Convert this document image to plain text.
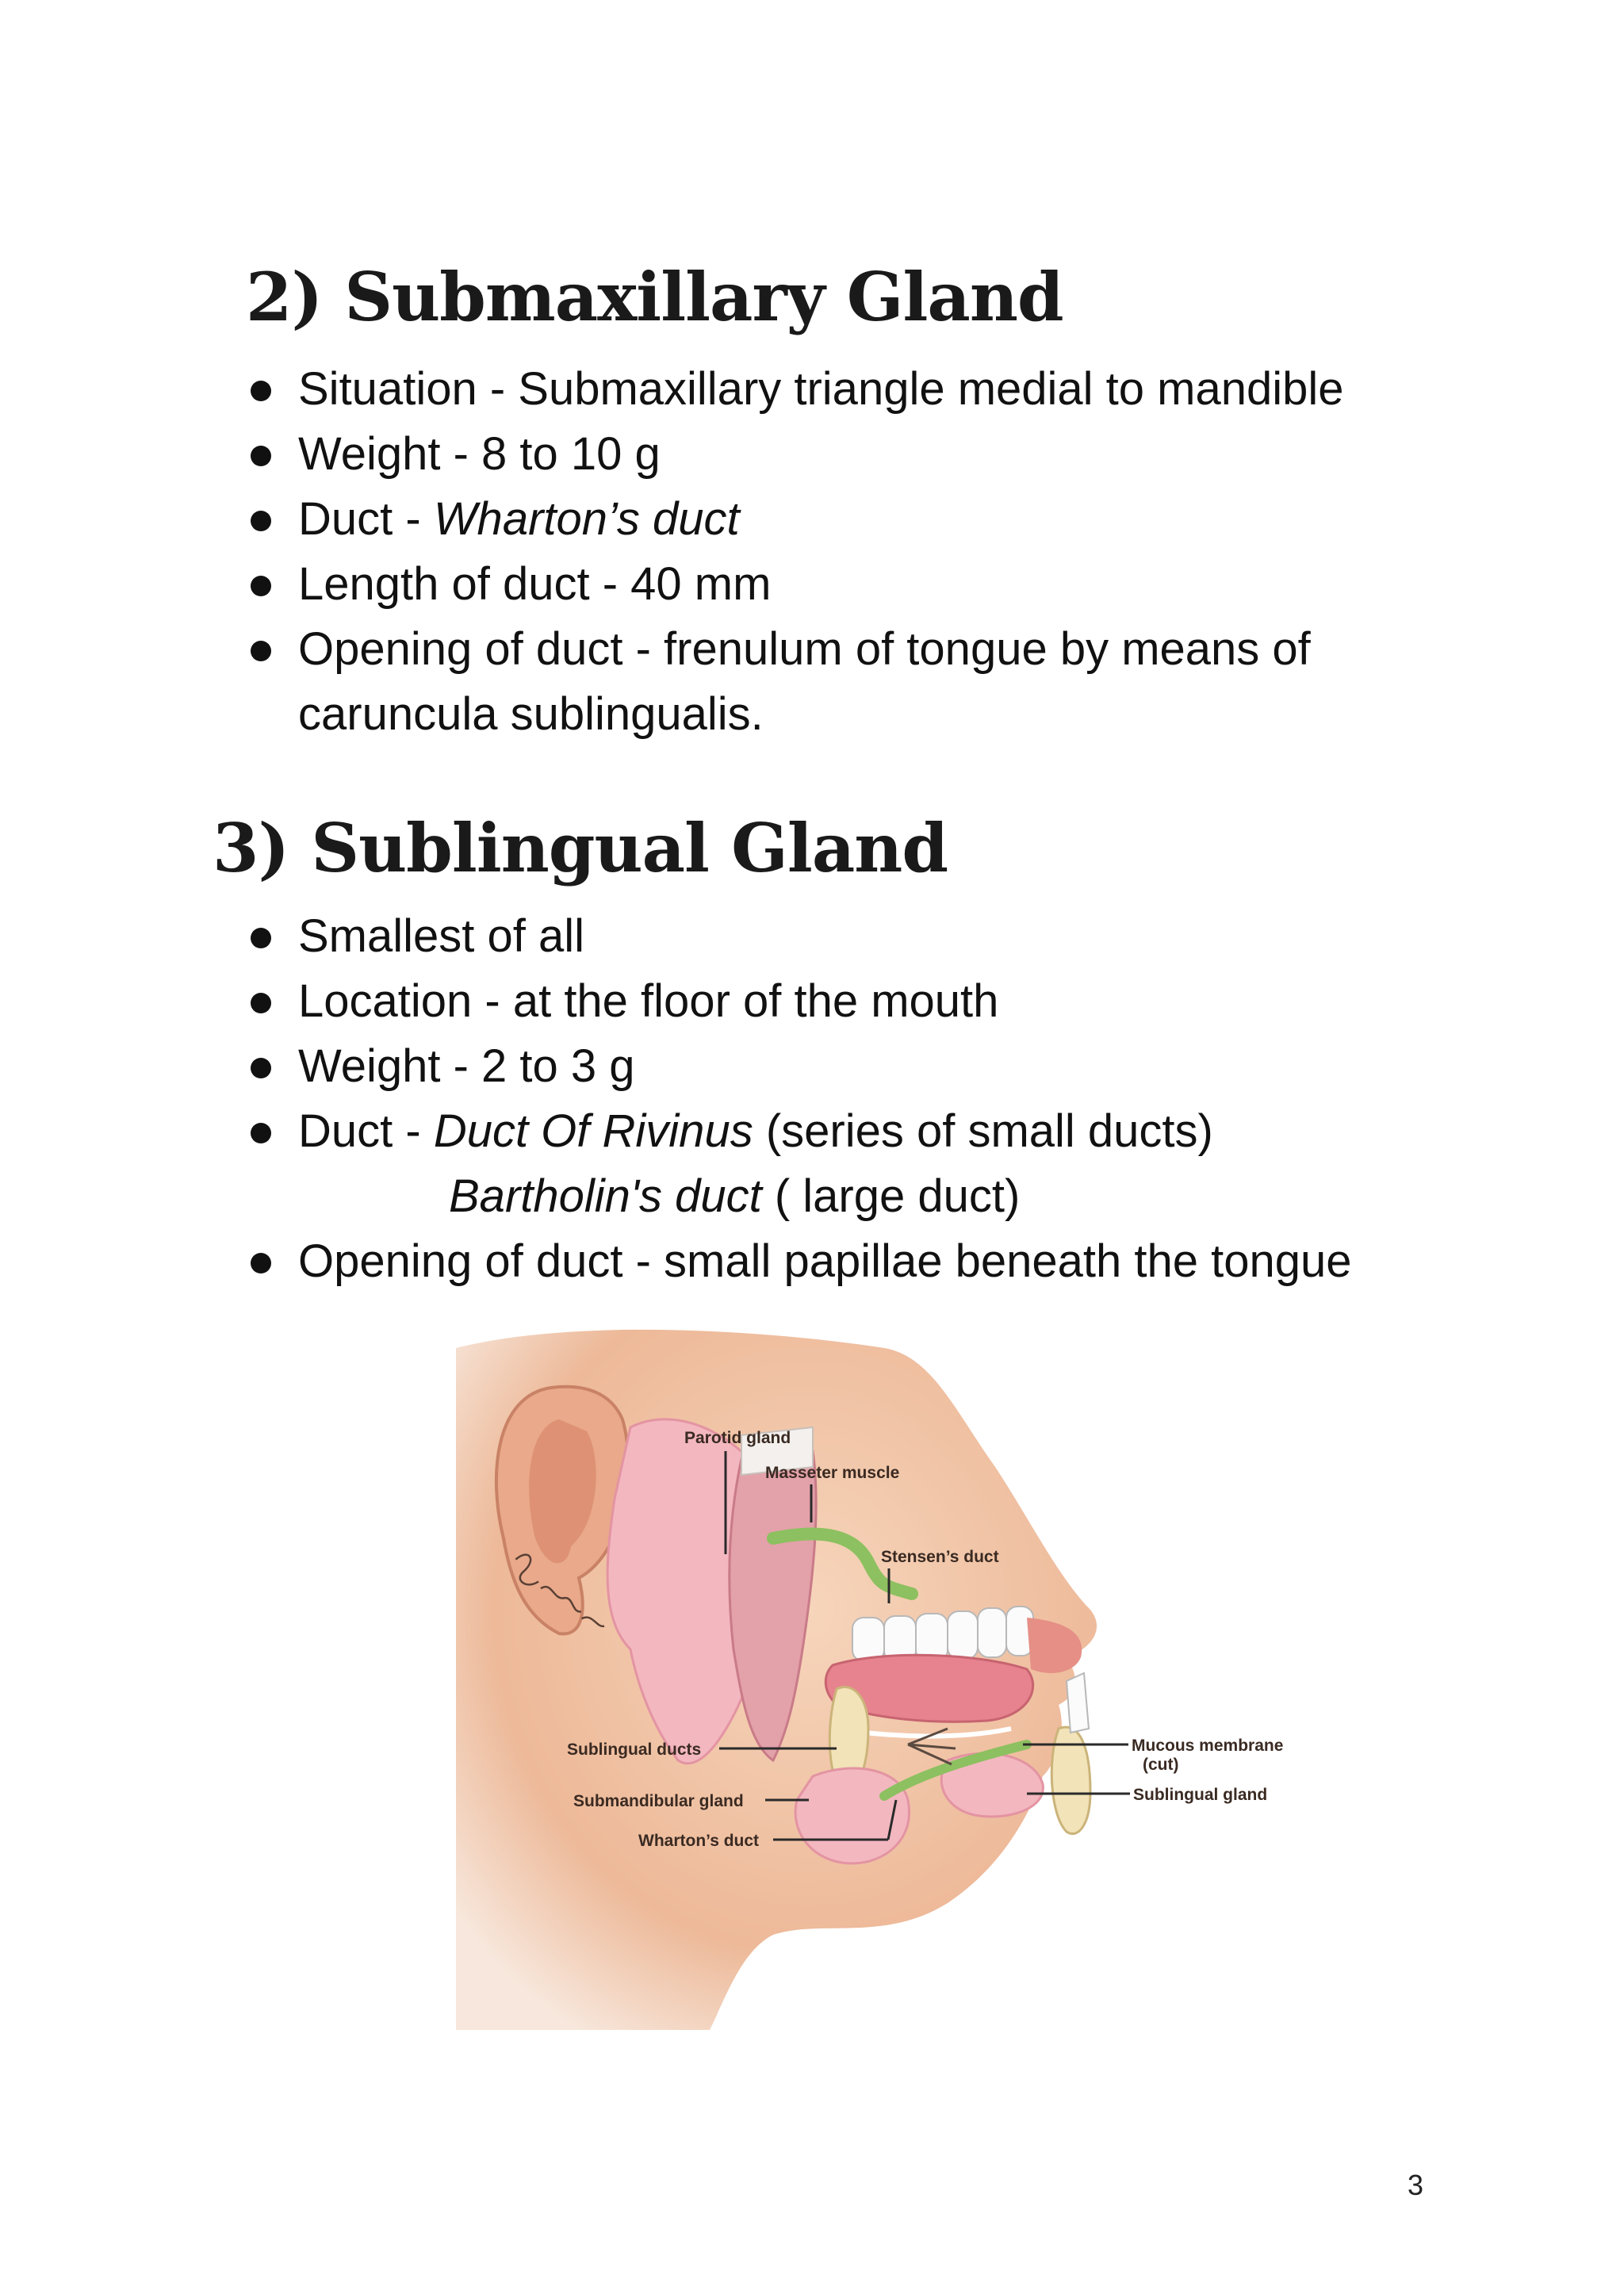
2) Submaxillary Gland
Situation - Submaxillary triangle medial to mandible
Weight - 8 to 10 g
Duct - Wharton’s duct
Length of duct - 40 mm
Opening of duct - frenulum of tongue by means of
caruncula sublingualis.
3) Sublingual Gland
Smallest of all
Location - at the floor of the mouth
Weight - 2 to 3 g
Duct - Duct Of Rivinus (series of small ducts)
Bartholin's duct ( large duct)
Opening of duct - small papillae beneath the tongue
Parotid gland
Masseter muscle
Stensen’s duct
Sublingual ducts
Submandibular gland
Wharton’s duct
Mucous membrane
(cut)
Sublingual gland
3
